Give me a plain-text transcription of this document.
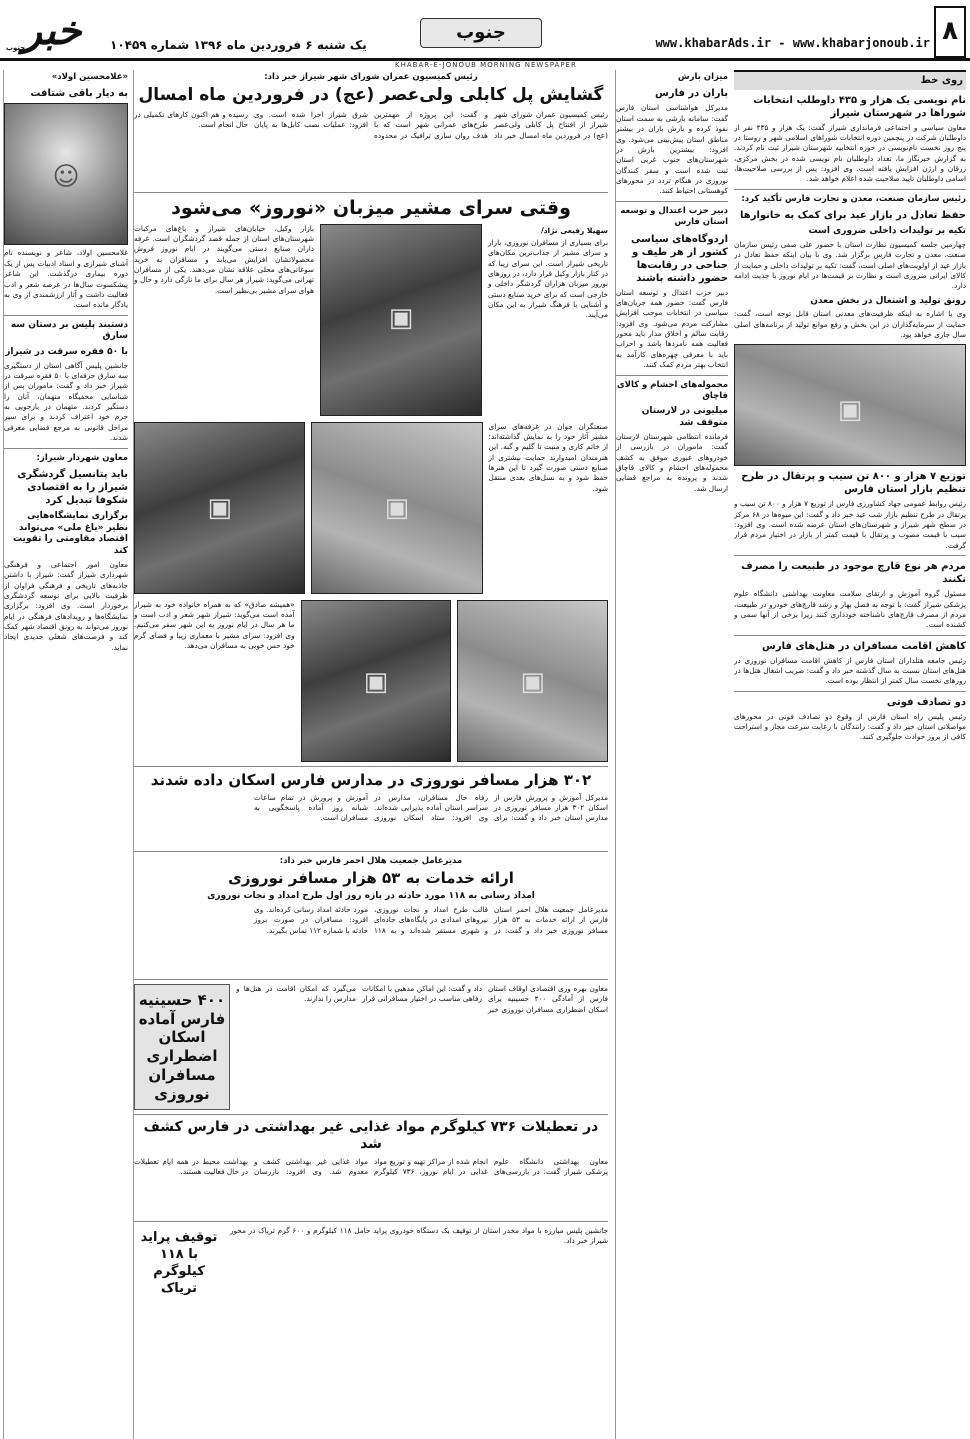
۸
www.khabarAds.ir - www.khabarjonoub.ir
جنوب
یک شنبه ۶ فروردین ماه ۱۳۹۶ شماره ۱۰۴۵۹
خبر
جنوب
KHABAR-E-JONOUB MORNING NEWSPAPER
روی خط
نام نویسی یک هزار و ۴۳۵ داوطلب انتخابات شوراها در شهرستان شیراز

معاون سیاسی و اجتماعی فرمانداری شیراز گفت: یک هزار و ۴۳۵ نفر از داوطلبان شرکت در پنجمین دوره انتخابات شوراهای اسلامی شهر و روستا در پنج روز نخست نام‌نویسی در حوزه انتخابیه شهرستان شیراز ثبت نام کردند. به گزارش خبرنگار ما، تعداد داوطلبان نام نویسی شده در بخش مرکزی، زرقان و ارژن افزایش یافته است. وی افزود: پس از بررسی صلاحیت‌ها، اسامی داوطلبان تایید صلاحیت شده اعلام خواهد شد.

رئیس سازمان صنعت، معدن و تجارت فارس تأکید کرد:
حفظ تعادل در بازار عید برای کمک به خانوارها
تکیه بر تولیدات داخلی ضروری است

چهارمین جلسه کمیسیون نظارت استان با حضور علی صفی رئیس سازمان صنعت، معدن و تجارت فارس برگزار شد. وی با بیان اینکه حفظ تعادل در بازار عید از اولویت‌های اصلی است، گفت: تکیه بر تولیدات داخلی و حمایت از کالای ایرانی ضروری است و نظارت بر قیمت‌ها در ایام نوروز با جدیت ادامه دارد.

رونق تولید و اشتغال در بخش معدن

وی با اشاره به اینکه ظرفیت‌های معدنی استان قابل توجه است، گفت: حمایت از سرمایه‌گذاران در این بخش و رفع موانع تولید از برنامه‌های اصلی سال جاری خواهد بود.

▣
توزیع ۷ هزار و ۸۰۰ تن سیب و پرتقال در طرح تنظیم بازار استان فارس

رئیس روابط عمومی جهاد کشاورزی فارس از توزیع ۷ هزار و ۸۰۰ تن سیب و پرتقال در طرح تنظیم بازار شب عید خبر داد و گفت: این میوه‌ها در ۶۸ مرکز در سطح شهر شیراز و شهرستان‌های استان عرضه شده است. وی افزود: سیب با قیمت مصوب و پرتقال با قیمت کمتر از بازار در اختیار مردم قرار گرفت.

مردم هر نوع قارچ موجود در طبیعت را مصرف نکنند

مسئول گروه آموزش و ارتقای سلامت معاونت بهداشتی دانشگاه علوم پزشکی شیراز گفت: با توجه به فصل بهار و رشد قارچ‌های خودرو در طبیعت، مردم از مصرف قارچ‌های ناشناخته خودداری کنند زیرا برخی از آنها سمی و کشنده است.

کاهش اقامت مسافران در هتل‌های فارس

رئیس جامعه هتلداران استان فارس از کاهش اقامت مسافران نوروزی در هتل‌های استان نسبت به سال گذشته خبر داد و گفت: ضریب اشغال هتل‌ها در روزهای نخست سال کمتر از انتظار بوده است.

دو تصادف فوتی

رئیس پلیس راه استان فارس از وقوع دو تصادف فوتی در محورهای مواصلاتی استان خبر داد و گفت: رانندگان با رعایت سرعت مجاز و استراحت کافی از بروز حوادث جلوگیری کنند.

میزان بارش
باران در فارس

مدیرکل هواشناسی استان فارس گفت: سامانه بارشی به سمت استان نفوذ کرده و بارش باران در بیشتر مناطق استان پیش‌بینی می‌شود. وی افزود: بیشترین بارش در شهرستان‌های جنوب غربی استان ثبت شده است و سفر کنندگان نوروزی در هنگام تردد در محورهای کوهستانی احتیاط کنند.

دبیر حزب اعتدال و توسعه استان فارس
اردوگاه‌های سیاسی کشور از هر طیف و جناحی در رقابت‌ها حضور داشته باشند

دبیر حزب اعتدال و توسعه استان فارس گفت: حضور همه جریان‌های سیاسی در انتخابات موجب افزایش مشارکت مردم می‌شود. وی افزود: رقابت سالم و اخلاق مدار باید محور فعالیت همه نامزدها باشد و احزاب باید با معرفی چهره‌های کارآمد به انتخاب بهتر مردم کمک کنند.

محموله‌های احشام و کالای قاچاق
میلیونی در لارستان متوقف شد

فرمانده انتظامی شهرستان لارستان گفت: ماموران در بازرسی از خودروهای عبوری موفق به کشف محموله‌های احشام و کالای قاچاق شدند و پرونده به مراجع قضایی ارسال شد.

رئیس کمیسیون عمران شورای شهر شیراز خبر داد:
گشایش پل کابلی ولی‌عصر (عج) در فروردین ماه امسال

رئیس کمیسیون عمران شورای شهر شیراز از افتتاح پل کابلی ولی‌عصر (عج) در فروردین ماه امسال خبر داد و گفت: این پروژه از مهمترین طرح‌های عمرانی شهر است که با هدف روان سازی ترافیک در محدوده شرق شیراز اجرا شده است. وی افزود: عملیات نصب کابل‌ها به پایان رسیده و هم اکنون کارهای تکمیلی در حال انجام است.

وقتی سرای مشیر میزبان «نوروز» می‌شود
سهیلا رفیعی نژاد/

برای بسیاری از مسافران نوروزی، بازار و سرای مشیر از جذاب‌ترین مکان‌های تاریخی شیراز است. این سرای زیبا که در کنار بازار وکیل قرار دارد، در روزهای نوروز میزبان هزاران گردشگر داخلی و خارجی است که برای خرید صنایع دستی و آشنایی با فرهنگ شیراز به این مکان می‌آیند.

▣

بازار وکیل، خیابان‌های شیراز و باغ‌های مرکبات شهرستان‌های استان از جمله قصد گردشگران است. غرفه داران صنایع دستی می‌گویند در ایام نوروز فروش محصولاتشان افزایش می‌یابد و مسافران به خرید سوغاتی‌های محلی علاقه نشان می‌دهند. یکی از مسافران تهرانی می‌گوید: شیراز هر سال برای ما تازگی دارد و حال و هوای سرای مشیر بی‌نظیر است.

صنعتگران جوان در غرفه‌های سرای مشیر آثار خود را به نمایش گذاشته‌اند؛ از خاتم کاری و منبت تا گلیم و گبه. این هنرمندان امیدوارند حمایت بیشتری از صنایع دستی صورت گیرد تا این هنرها حفظ شود و به نسل‌های بعدی منتقل شود.

▣
▣
▣
▣

«همیشه صادق» که به همراه خانواده خود به شیراز آمده است می‌گوید: شیراز شهر شعر و ادب است و ما هر سال در ایام نوروز به این شهر سفر می‌کنیم. وی افزود: سرای مشیر با معماری زیبا و فضای گرم خود حس خوبی به مسافران می‌دهد.

۳۰۲ هزار مسافر نوروزی در مدارس فارس اسکان داده شدند

مدیرکل آموزش و پرورش فارس از اسکان ۳۰۲ هزار مسافر نوروزی در مدارس استان خبر داد و گفت: برای رفاه حال مسافران، مدارس در سراسر استان آماده پذیرایی شده‌اند. وی افزود: ستاد اسکان نوروزی آموزش و پرورش در تمام ساعات شبانه روز آماده پاسخگویی به مسافران است.

مدیرعامل جمعیت هلال احمر فارس خبر داد:
ارائه خدمات به ۵۳ هزار مسافر نوروزی
امداد رسانی به ۱۱۸ مورد حادثه در بازه روز اول طرح امداد و نجات نوروزی

مدیرعامل جمعیت هلال احمر استان فارس از ارائه خدمات به ۵۳ هزار مسافر نوروزی خبر داد و گفت: در قالب طرح امداد و نجات نوروزی، نیروهای امدادی در پایگاه‌های جاده‌ای و شهری مستقر شده‌اند و به ۱۱۸ مورد حادثه امداد رسانی کرده‌اند. وی افزود: مسافران در صورت بروز حادثه با شماره ۱۱۲ تماس بگیرند.

معاون بهره وری اقتصادی اوقاف استان فارس از آمادگی ۴۰۰ حسینیه برای اسکان اضطراری مسافران نوروزی خبر داد و گفت: این اماکن مذهبی با امکانات رفاهی مناسب در اختیار مسافرانی قرار می‌گیرد که امکان اقامت در هتل‌ها و مدارس را ندارند.

۴۰۰ حسینیه فارس آماده اسکان اضطراری مسافران نوروزی
در تعطیلات ۷۳۶ کیلوگرم مواد غذایی غیر بهداشتی در فارس کشف شد

معاون بهداشتی دانشگاه علوم پزشکی شیراز گفت: در بازرسی‌های انجام شده از مراکز تهیه و توزیع مواد غذایی در ایام نوروز، ۷۳۶ کیلوگرم مواد غذایی غیر بهداشتی کشف و معدوم شد. وی افزود: بازرسان بهداشت محیط در همه ایام تعطیلات در حال فعالیت هستند.

جانشین پلیس مبارزه با مواد مخدر استان از توقیف یک دستگاه خودروی پراید حامل ۱۱۸ کیلوگرم و ۶۰۰ گرم تریاک در محور شیراز خبر داد.

توقیف پراید با ۱۱۸ کیلوگرم تریاک
«غلامحسین اولاد»
به دیار باقی شتافت
☺

غلامحسین اولاد، شاعر و نویسنده نام آشنای شیرازی و استاد ادبیات پس از یک دوره بیماری درگذشت. این شاعر پیشکسوت سال‌ها در عرصه شعر و ادب فعالیت داشت و آثار ارزشمندی از وی به یادگار مانده است.

دستبند پلیس بر دستان سه سارق
با ۵۰ فقره سرقت در شیراز

جانشین پلیس آگاهی استان از دستگیری سه سارق حرفه‌ای با ۵۰ فقره سرقت در شیراز خبر داد و گفت: ماموران پس از شناسایی مخفیگاه متهمان، آنان را دستگیر کردند. متهمان در بازجویی به جرم خود اعتراف کردند و برای سیر مراحل قانونی به مرجع قضایی معرفی شدند.

معاون شهردار شیراز:
باید پتانسیل گردشگری شیراز را به اقتصادی شکوفا تبدیل کرد
برگزاری نمایشگاه‌هایی نظیر «باغ ملی» می‌تواند اقتصاد مقاومتی را تقویت کند

معاون امور اجتماعی و فرهنگی شهرداری شیراز گفت: شیراز با داشتن جاذبه‌های تاریخی و فرهنگی فراوان از ظرفیت بالایی برای توسعه گردشگری برخوردار است. وی افزود: برگزاری نمایشگاه‌ها و رویدادهای فرهنگی در ایام نوروز می‌تواند به رونق اقتصاد شهر کمک کند و فرصت‌های شغلی جدیدی ایجاد نماید.
